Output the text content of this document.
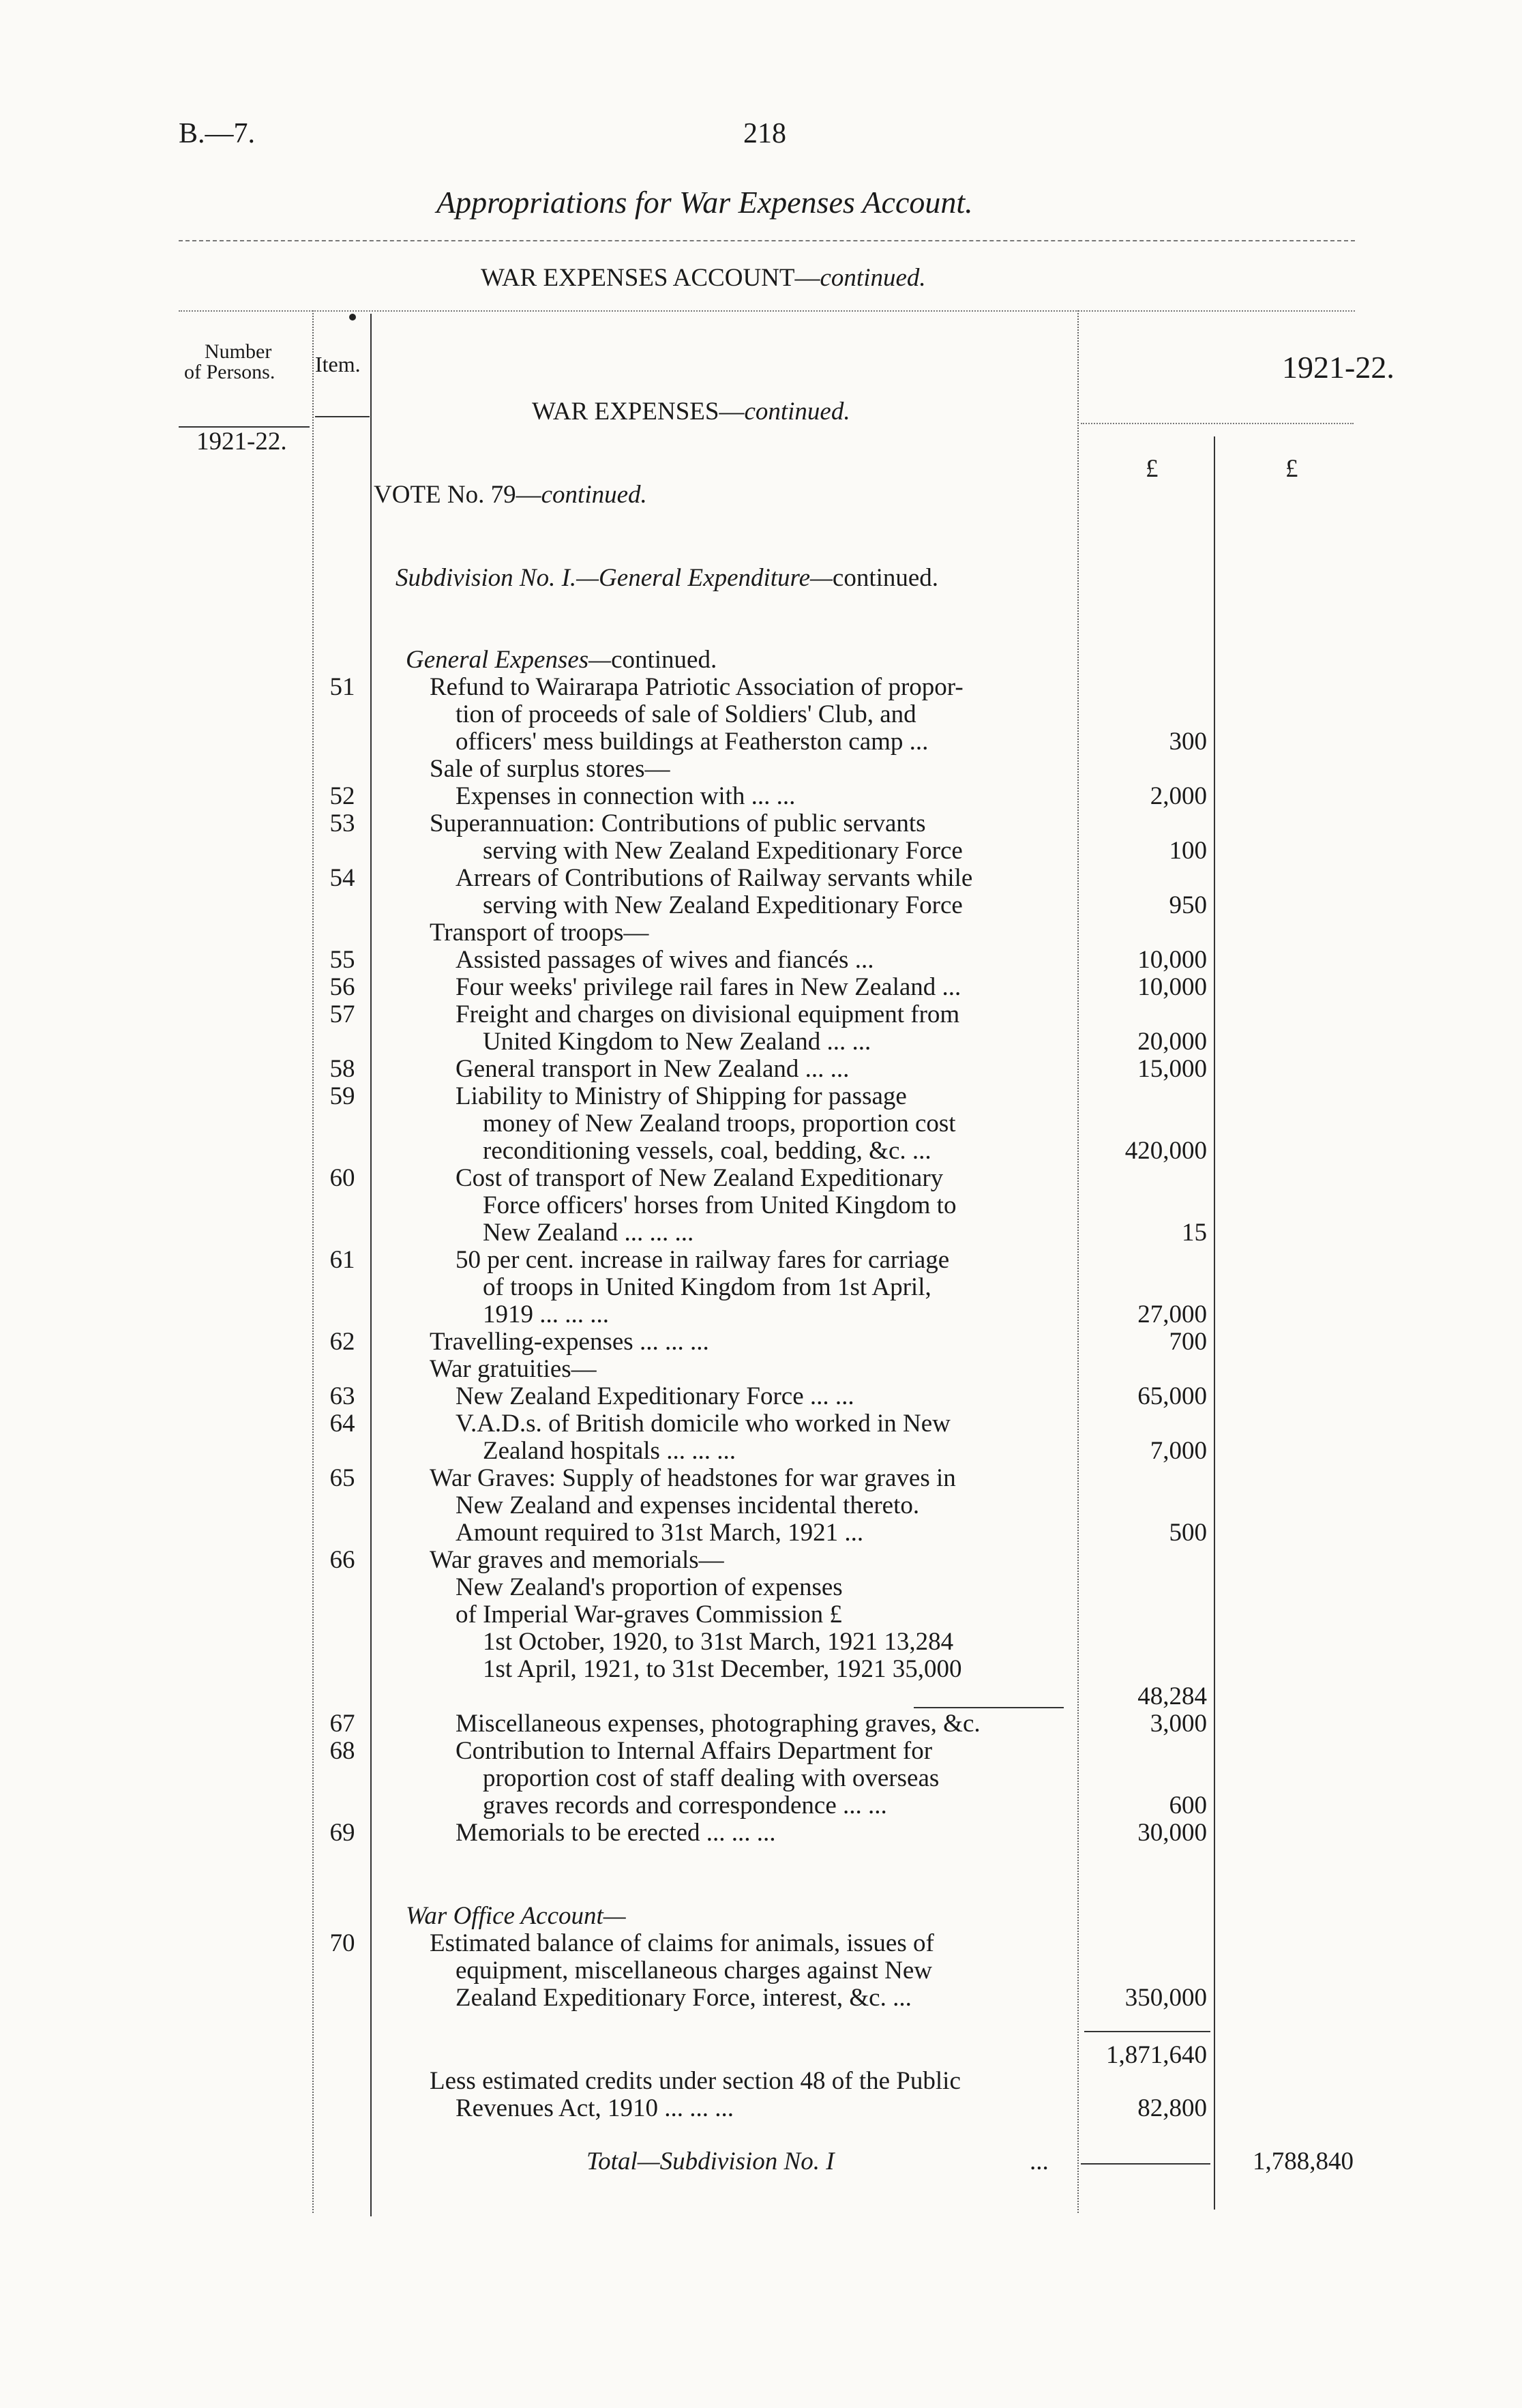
B.—7.	218
Appropriations for War Expenses Account.
WAR EXPENSES ACCOUNT—continued.
Number
of Persons. Item.	1921-22.
1921-22.
£	£
WAR EXPENSES—continued.
VOTE No. 79—continued.
Subdivision No. I.—General Expenditure—continued.
General Expenses—continued.
51	Refund to Wairarapa Patriotic Association of propor-
tion of proceeds of sale of Soldiers' Club, and
officers' mess buildings at Featherston camp ...	300
Sale of surplus stores—
52	Expenses in connection with ... ...	2,000
53	Superannuation: Contributions of public servants
serving with New Zealand Expeditionary Force	100
54	Arrears of Contributions of Railway servants while
serving with New Zealand Expeditionary Force	950
Transport of troops—
55	Assisted passages of wives and fiancés ...	10,000
56	Four weeks' privilege rail fares in New Zealand ...	10,000
57	Freight and charges on divisional equipment from
United Kingdom to New Zealand ... ...	20,000
58	General transport in New Zealand ... ...	15,000
59	Liability to Ministry of Shipping for passage
money of New Zealand troops, proportion cost
reconditioning vessels, coal, bedding, &c. ...	420,000
60	Cost of transport of New Zealand Expeditionary
Force officers' horses from United Kingdom to
New Zealand ... ... ...	15
61	50 per cent. increase in railway fares for carriage
of troops in United Kingdom from 1st April,
1919 ... ... ...	27,000
62	Travelling-expenses ... ... ...	700
War gratuities—
63	New Zealand Expeditionary Force ... ...	65,000
64	V.A.D.s. of British domicile who worked in New
Zealand hospitals ... ... ...	7,000
65	War Graves: Supply of headstones for war graves in
New Zealand and expenses incidental thereto.
Amount required to 31st March, 1921 ...	500
66	War graves and memorials—
New Zealand's proportion of expenses
of Imperial War-graves Commission £
1st October, 1920, to 31st March, 1921 13,284
1st April, 1921, to 31st December, 1921 35,000
48,284
67	Miscellaneous expenses, photographing graves, &c.	3,000
68	Contribution to Internal Affairs Department for
proportion cost of staff dealing with overseas
graves records and correspondence ... ...	600
69	Memorials to be erected ... ... ...	30,000
War Office Account—
70	Estimated balance of claims for animals, issues of
equipment, miscellaneous charges against New
Zealand Expeditionary Force, interest, &c. ...	350,000
1,871,640
Less estimated credits under section 48 of the Public
Revenues Act, 1910 ... ... ...	82,800
Total—Subdivision No. I	...	1,788,840
